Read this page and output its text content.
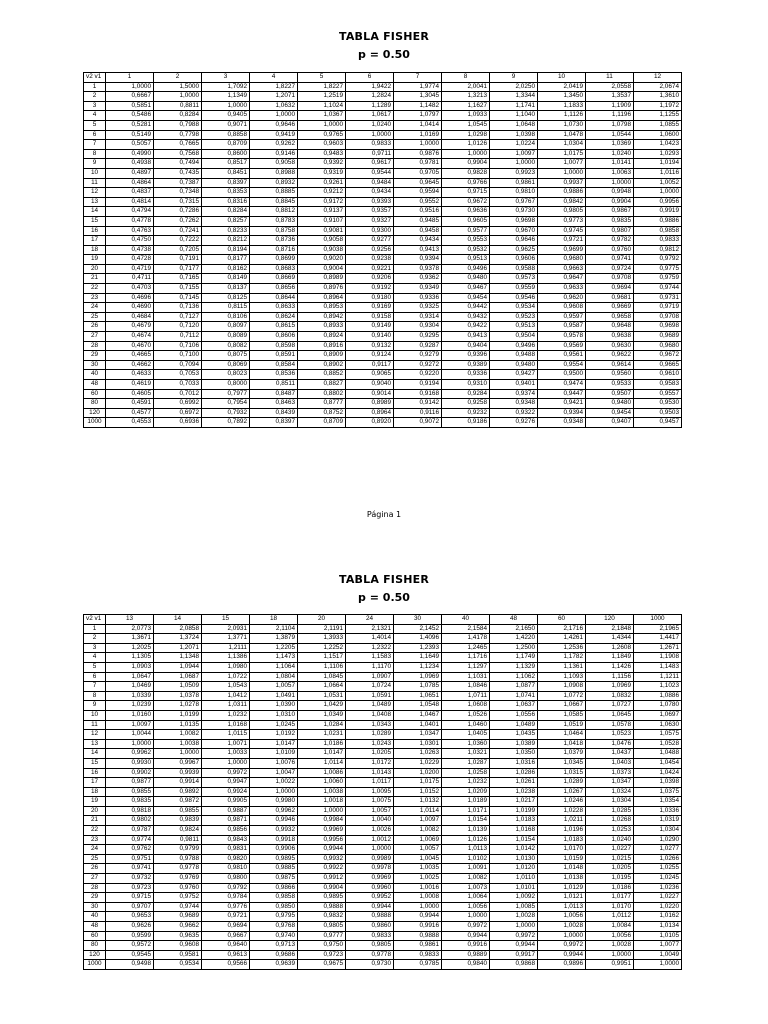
TABLA FISHER
p = 0.50
v2 v1	1	2	3	4	5	6	7	8	9	10	11	12
1	1,0000	1,5000	1,7092	1,8227	1,8227	1,9422	1,9774	2,0041	2,0250	2,0419	2,0558	2,0674
2	0,6667	1,0000	1,1349	1,2071	1,2519	1,2824	1,3045	1,3213	1,3344	1,3450	1,3537	1,3610
3	0,5851	0,8811	1,0000	1,0632	1,1024	1,1289	1,1482	1,1627	1,1741	1,1833	1,1909	1,1972
4	0,5486	0,8284	0,9405	1,0000	1,0367	1,0617	1,0797	1,0933	1,1040	1,1126	1,1196	1,1255
5	0,5281	0,7988	0,9071	0,9646	1,0000	1,0240	1,0414	1,0545	1,0648	1,0730	1,0798	1,0855
6	0,5149	0,7798	0,8858	0,9419	0,9765	1,0000	1,0169	1,0298	1,0398	1,0478	1,0544	1,0600
7	0,5057	0,7665	0,8709	0,9262	0,9603	0,9833	1,0000	1,0126	1,0224	1,0304	1,0369	1,0423
8	0,4990	0,7568	0,8600	0,9146	0,9483	0,9711	0,9876	1,0000	1,0097	1,0175	1,0240	1,0293
9	0,4938	0,7494	0,8517	0,9058	0,9392	0,9617	0,9781	0,9904	1,0000	1,0077	1,0141	1,0194
10	0,4897	0,7435	0,8451	0,8988	0,9319	0,9544	0,9705	0,9828	0,9923	1,0000	1,0063	1,0116
11	0,4864	0,7387	0,8397	0,8932	0,9261	0,9484	0,9645	0,9766	0,9861	0,9937	1,0000	1,0052
12	0,4837	0,7348	0,8353	0,8885	0,9212	0,9434	0,9594	0,9715	0,9810	0,9886	0,9948	1,0000
13	0,4814	0,7315	0,8316	0,8845	0,9172	0,9393	0,9552	0,9672	0,9767	0,9842	0,9904	0,9956
14	0,4794	0,7286	0,8284	0,8812	0,9137	0,9357	0,9516	0,9636	0,9730	0,9805	0,9867	0,9919
15	0,4778	0,7262	0,8257	0,8783	0,9107	0,9327	0,9485	0,9605	0,9698	0,9773	0,9835	0,9886
16	0,4763	0,7241	0,8233	0,8758	0,9081	0,9300	0,9458	0,9577	0,9670	0,9745	0,9807	0,9858
17	0,4750	0,7222	0,8212	0,8736	0,9058	0,9277	0,9434	0,9553	0,9646	0,9721	0,9782	0,9833
18	0,4738	0,7205	0,8194	0,8716	0,9038	0,9256	0,9413	0,9532	0,9625	0,9699	0,9760	0,9812
19	0,4728	0,7191	0,8177	0,8699	0,9020	0,9238	0,9394	0,9513	0,9606	0,9680	0,9741	0,9792
20	0,4719	0,7177	0,8162	0,8683	0,9004	0,9221	0,9378	0,9496	0,9588	0,9663	0,9724	0,9775
21	0,4711	0,7165	0,8149	0,8669	0,8989	0,9206	0,9362	0,9480	0,9573	0,9647	0,9708	0,9759
22	0,4703	0,7155	0,8137	0,8656	0,8976	0,9192	0,9349	0,9467	0,9559	0,9633	0,9694	0,9744
23	0,4696	0,7145	0,8125	0,8644	0,8964	0,9180	0,9336	0,9454	0,9546	0,9620	0,9681	0,9731
24	0,4690	0,7136	0,8115	0,8633	0,8953	0,9169	0,9325	0,9442	0,9534	0,9608	0,9669	0,9719
25	0,4684	0,7127	0,8106	0,8624	0,8942	0,9158	0,9314	0,9432	0,9523	0,9597	0,9658	0,9708
26	0,4679	0,7120	0,8097	0,8615	0,8933	0,9149	0,9304	0,9422	0,9513	0,9587	0,9648	0,9698
27	0,4674	0,7112	0,8089	0,8606	0,8924	0,9140	0,9295	0,9413	0,9504	0,9578	0,9638	0,9689
28	0,4670	0,7106	0,8082	0,8598	0,8916	0,9132	0,9287	0,9404	0,9496	0,9569	0,9630	0,9680
29	0,4665	0,7100	0,8075	0,8591	0,8909	0,9124	0,9279	0,9396	0,9488	0,9561	0,9622	0,9672
30	0,4662	0,7094	0,8069	0,8584	0,8902	0,9117	0,9272	0,9389	0,9480	0,9554	0,9614	0,9665
40	0,4633	0,7053	0,8023	0,8536	0,8852	0,9065	0,9220	0,9336	0,9427	0,9500	0,9560	0,9610
48	0,4619	0,7033	0,8000	0,8511	0,8827	0,9040	0,9194	0,9310	0,9401	0,9474	0,9533	0,9583
60	0,4605	0,7012	0,7977	0,8487	0,8802	0,9014	0,9168	0,9284	0,9374	0,9447	0,9507	0,9557
80	0,4591	0,6992	0,7954	0,8463	0,8777	0,8989	0,9142	0,9258	0,9348	0,9421	0,9480	0,9530
120	0,4577	0,6972	0,7932	0,8439	0,8752	0,8964	0,9116	0,9232	0,9322	0,9394	0,9454	0,9503
1000	0,4553	0,6936	0,7892	0,8397	0,8709	0,8920	0,9072	0,9186	0,9276	0,9348	0,9407	0,9457
Página 1
TABLA FISHER
p = 0.50
v2 v1	13	14	15	18	20	24	30	40	48	60	120	1000
1	2,0773	2,0858	2,0931	2,1104	2,1191	2,1321	2,1452	2,1584	2,1650	2,1716	2,1848	2,1965
2	1,3671	1,3724	1,3771	1,3879	1,3933	1,4014	1,4096	1,4178	1,4220	1,4261	1,4344	1,4417
3	1,2025	1,2071	1,2111	1,2205	1,2252	1,2322	1,2393	1,2465	1,2500	1,2536	1,2608	1,2671
4	1,1305	1,1348	1,1386	1,1473	1,1517	1,1583	1,1649	1,1716	1,1749	1,1782	1,1849	1,1908
5	1,0903	1,0944	1,0980	1,1064	1,1106	1,1170	1,1234	1,1297	1,1329	1,1361	1,1426	1,1483
6	1,0647	1,0687	1,0722	1,0804	1,0845	1,0907	1,0969	1,1031	1,1062	1,1093	1,1156	1,1211
7	1,0469	1,0509	1,0543	1,0057	1,0664	1,0724	1,0785	1,0846	1,0877	1,0908	1,0969	1,1023
8	1,0339	1,0378	1,0412	1,0491	1,0531	1,0591	1,0651	1,0711	1,0741	1,0772	1,0832	1,0886
9	1,0239	1,0278	1,0311	1,0390	1,0429	1,0489	1,0548	1,0608	1,0637	1,0667	1,0727	1,0780
10	1,0160	1,0199	1,0232	1,0310	1,0349	1,0408	1,0467	1,0526	1,0556	1,0585	1,0645	1,0697
11	1,0097	1,0135	1,0168	1,0245	1,0284	1,0343	1,0401	1,0460	1,0489	1,0519	1,0578	1,0630
12	1,0044	1,0082	1,0115	1,0192	1,0231	1,0289	1,0347	1,0405	1,0435	1,0464	1,0523	1,0575
13	1,0000	1,0038	1,0071	1,0147	1,0186	1,0243	1,0301	1,0360	1,0389	1,0418	1,0476	1,0528
14	0,9962	1,0000	1,0033	1,0109	1,0147	1,0205	1,0263	1,0321	1,0350	1,0379	1,0437	1,0488
15	0,9930	0,9967	1,0000	1,0076	1,0114	1,0172	1,0229	1,0287	1,0316	1,0345	1,0403	1,0454
16	0,9902	0,9939	0,9972	1,0047	1,0086	1,0143	1,0200	1,0258	1,0286	1,0315	1,0373	1,0424
17	0,9877	0,9914	0,9947	1,0022	1,0060	1,0117	1,0175	1,0232	1,0261	1,0289	1,0347	1,0398
18	0,9855	0,9892	0,9924	1,0000	1,0038	1,0095	1,0152	1,0209	1,0238	1,0267	1,0324	1,0375
19	0,9835	0,9872	0,9905	0,9980	1,0018	1,0075	1,0132	1,0189	1,0217	1,0246	1,0304	1,0354
20	0,9818	0,9855	0,9887	0,9962	1,0000	1,0057	1,0114	1,0171	1,0199	1,0228	1,0285	1,0336
21	0,9802	0,9839	0,9871	0,9946	0,9984	1,0040	1,0097	1,0154	1,0183	1,0211	1,0268	1,0319
22	0,9787	0,9824	0,9856	0,9932	0,9969	1,0026	1,0082	1,0139	1,0168	1,0196	1,0253	1,0304
23	0,9774	0,9811	0,9843	0,9918	0,9956	1,0012	1,0069	1,0126	1,0154	1,0183	1,0240	1,0290
24	0,9762	0,9799	0,9831	0,9906	0,9944	1,0000	1,0057	1,0113	1,0142	1,0170	1,0227	1,0277
25	0,9751	0,9788	0,9820	0,9895	0,9932	0,9989	1,0045	1,0102	1,0130	1,0159	1,0215	1,0266
26	0,9741	0,9778	0,9810	0,9885	0,9922	0,9978	1,0035	1,0091	1,0120	1,0148	1,0205	1,0255
27	0,9732	0,9769	0,9800	0,9875	0,9912	0,9969	1,0025	1,0082	1,0110	1,0138	1,0195	1,0245
28	0,9723	0,9760	0,9792	0,9866	0,9904	0,9960	1,0016	1,0073	1,0101	1,0129	1,0186	1,0236
29	0,9715	0,9752	0,9784	0,9858	0,9895	0,9952	1,0008	1,0064	1,0092	1,0121	1,0177	1,0227
30	0,9707	0,9744	0,9776	0,9850	0,9888	0,9944	1,0000	1,0056	1,0085	1,0113	1,0170	1,0220
40	0,9653	0,9689	0,9721	0,9795	0,9832	0,9888	0,9944	1,0000	1,0028	1,0056	1,0112	1,0162
48	0,9626	0,9662	0,9694	0,9768	0,9805	0,9860	0,9916	0,9972	1,0000	1,0028	1,0084	1,0134
60	0,9599	0,9635	0,9667	0,9740	0,9777	0,9833	0,9888	0,9944	0,9972	1,0000	1,0056	1,0105
80	0,9572	0,9608	0,9640	0,9713	0,9750	0,9805	0,9861	0,9916	0,9944	0,9972	1,0028	1,0077
120	0,9545	0,9581	0,9613	0,9686	0,9723	0,9778	0,9833	0,9889	0,9917	0,9944	1,0000	1,0049
1000	0,9498	0,9534	0,9566	0,9639	0,9675	0,9730	0,9785	0,9840	0,9868	0,9896	0,9951	1,0000
